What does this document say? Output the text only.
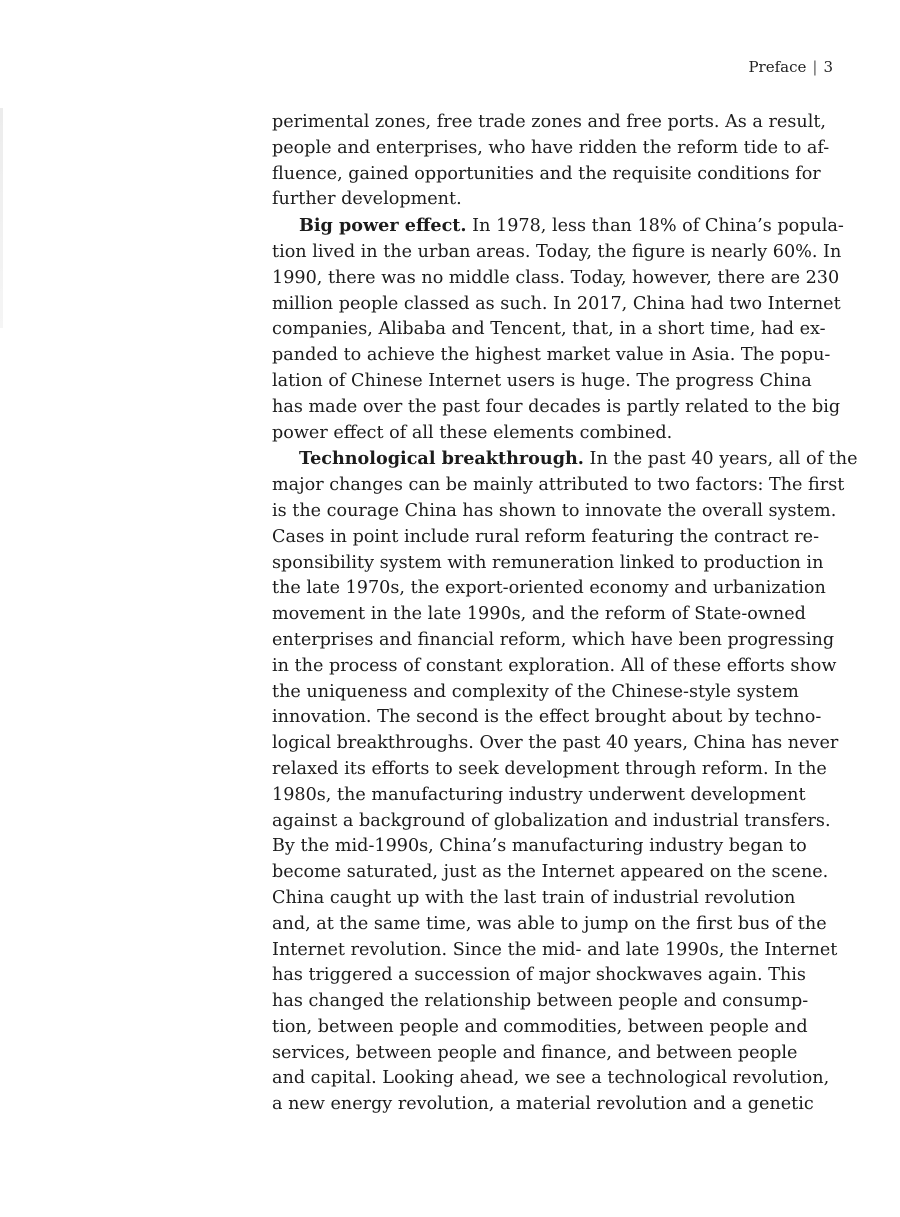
Preface | 3
perimental zones, free trade zones and free ports. As a result,
people and enterprises, who have ridden the reform tide to af-
fluence, gained opportunities and the requisite conditions for
further development.
Big power effect. In 1978, less than 18% of China’s popula-
tion lived in the urban areas. Today, the figure is nearly 60%. In
1990, there was no middle class. Today, however, there are 230
million people classed as such. In 2017, China had two Internet
companies, Alibaba and Tencent, that, in a short time, had ex-
panded to achieve the highest market value in Asia. The popu-
lation of Chinese Internet users is huge. The progress China
has made over the past four decades is partly related to the big
power effect of all these elements combined.
Technological breakthrough. In the past 40 years, all of the
major changes can be mainly attributed to two factors: The first
is the courage China has shown to innovate the overall system.
Cases in point include rural reform featuring the contract re-
sponsibility system with remuneration linked to production in
the late 1970s, the export-oriented economy and urbanization
movement in the late 1990s, and the reform of State-owned
enterprises and financial reform, which have been progressing
in the process of constant exploration. All of these efforts show
the uniqueness and complexity of the Chinese-style system
innovation. The second is the effect brought about by techno-
logical breakthroughs. Over the past 40 years, China has never
relaxed its efforts to seek development through reform. In the
1980s, the manufacturing industry underwent development
against a background of globalization and industrial transfers.
By the mid-1990s, China’s manufacturing industry began to
become saturated, just as the Internet appeared on the scene.
China caught up with the last train of industrial revolution
and, at the same time, was able to jump on the first bus of the
Internet revolution. Since the mid- and late 1990s, the Internet
has triggered a succession of major shockwaves again. This
has changed the relationship between people and consump-
tion, between people and commodities, between people and
services, between people and finance, and between people
and capital. Looking ahead, we see a technological revolution,
a new energy revolution, a material revolution and a genetic
